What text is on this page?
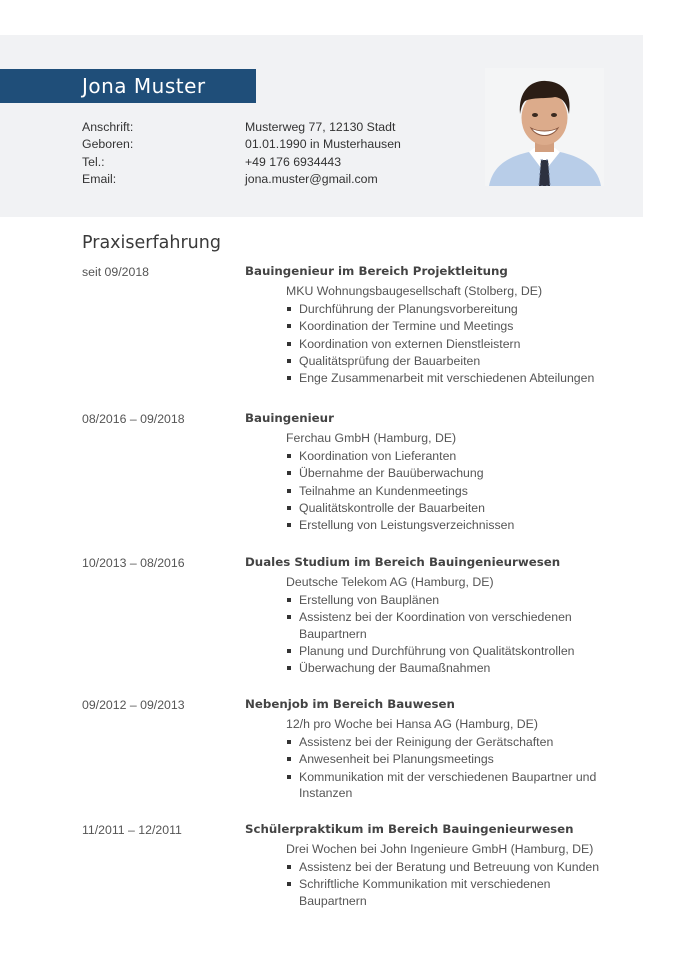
Jona Muster
Anschrift:	Musterweg 77, 12130 Stadt
Geboren:	01.01.1990 in Musterhausen
Tel.:	+49 176 6934443
Email:	jona.muster@gmail.com
Praxiserfahrung
seit 09/2018	Bauingenieur im Bereich Projektleitung
MKU Wohnungsbaugesellschaft (Stolberg, DE)
Durchführung der Planungsvorbereitung
Koordination der Termine und Meetings
Koordination von externen Dienstleistern
Qualitätsprüfung der Bauarbeiten
Enge Zusammenarbeit mit verschiedenen Abteilungen
08/2016 – 09/2018	Bauingenieur
Ferchau GmbH (Hamburg, DE)
Koordination von Lieferanten
Übernahme der Bauüberwachung
Teilnahme an Kundenmeetings
Qualitätskontrolle der Bauarbeiten
Erstellung von Leistungsverzeichnissen
10/2013 – 08/2016	Duales Studium im Bereich Bauingenieurwesen
Deutsche Telekom AG (Hamburg, DE)
Erstellung von Bauplänen
Assistenz bei der Koordination von verschiedenen Baupartnern
Planung und Durchführung von Qualitätskontrollen
Überwachung der Baumaßnahmen
09/2012 – 09/2013	Nebenjob im Bereich Bauwesen
12/h pro Woche bei Hansa AG (Hamburg, DE)
Assistenz bei der Reinigung der Gerätschaften
Anwesenheit bei Planungsmeetings
Kommunikation mit der verschiedenen Baupartner und Instanzen
11/2011 – 12/2011	Schülerpraktikum im Bereich Bauingenieurwesen
Drei Wochen bei John Ingenieure GmbH (Hamburg, DE)
Assistenz bei der Beratung und Betreuung von Kunden
Schriftliche Kommunikation mit verschiedenen Baupartnern
